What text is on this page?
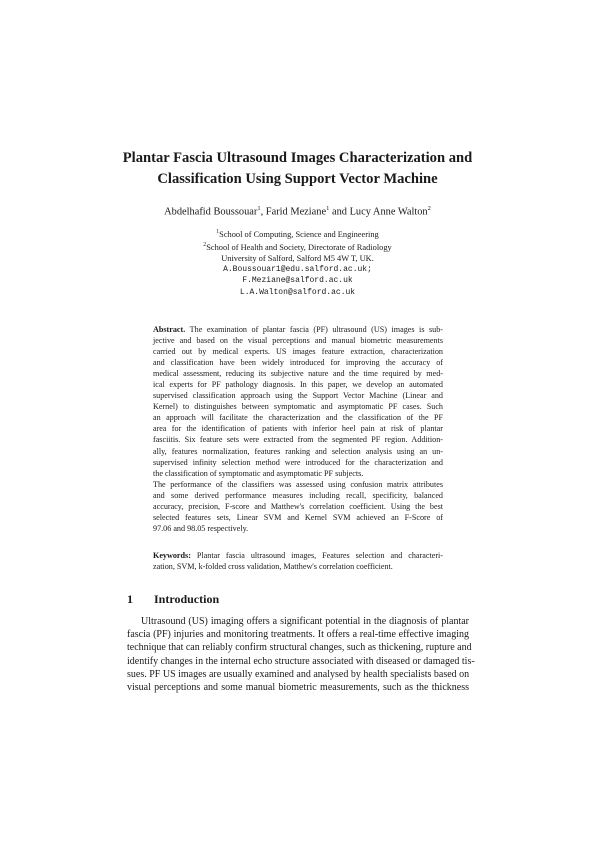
Plantar Fascia Ultrasound Images Characterization and
Classification Using Support Vector Machine
Abdelhafid Boussouar$^1$, Farid Meziane$^1$ and Lucy Anne Walton$^2$
$^1$School of Computing, Science and Engineering
$^2$School of Health and Society, Directorate of Radiology
University of Salford, Salford M5 4W T, UK.
A.Boussouar1@edu.salford.ac.uk;
F.Meziane@salford.ac.uk
L.A.Walton@salford.ac.uk
Abstract. The examination of plantar fascia (PF) ultrasound (US) images is sub-
jective and based on the visual perceptions and manual biometric measurements
carried out by medical experts. US images feature extraction, characterization
and classification have been widely introduced for improving the accuracy of
medical assessment, reducing its subjective nature and the time required by med-
ical experts for PF pathology diagnosis. In this paper, we develop an automated
supervised classification approach using the Support Vector Machine (Linear and
Kernel) to distinguishes between symptomatic and asymptomatic PF cases. Such
an approach will facilitate the characterization and the classification of the PF
area for the identification of patients with inferior heel pain at risk of plantar
fasciitis. Six feature sets were extracted from the segmented PF region. Addition-
ally, features normalization, features ranking and selection analysis using an un-
supervised infinity selection method were introduced for the characterization and
the classification of symptomatic and asymptomatic PF subjects.
The performance of the classifiers was assessed using confusion matrix attributes
and some derived performance measures including recall, specificity, balanced
accuracy, precision, F-score and Matthew's correlation coefficient. Using the best
selected features sets, Linear SVM and Kernel SVM achieved an F-Score of
97.06 and 98.05 respectively.
Keywords: Plantar fascia ultrasound images, Features selection and characteri-
zation, SVM, k-folded cross validation, Matthew's correlation coefficient.
1 Introduction
Ultrasound (US) imaging offers a significant potential in the diagnosis of plantar
fascia (PF) injuries and monitoring treatments. It offers a real-time effective imaging
technique that can reliably confirm structural changes, such as thickening, rupture and
identify changes in the internal echo structure associated with diseased or damaged tis-
sues. PF US images are usually examined and analysed by health specialists based on
visual perceptions and some manual biometric measurements, such as the thickness
